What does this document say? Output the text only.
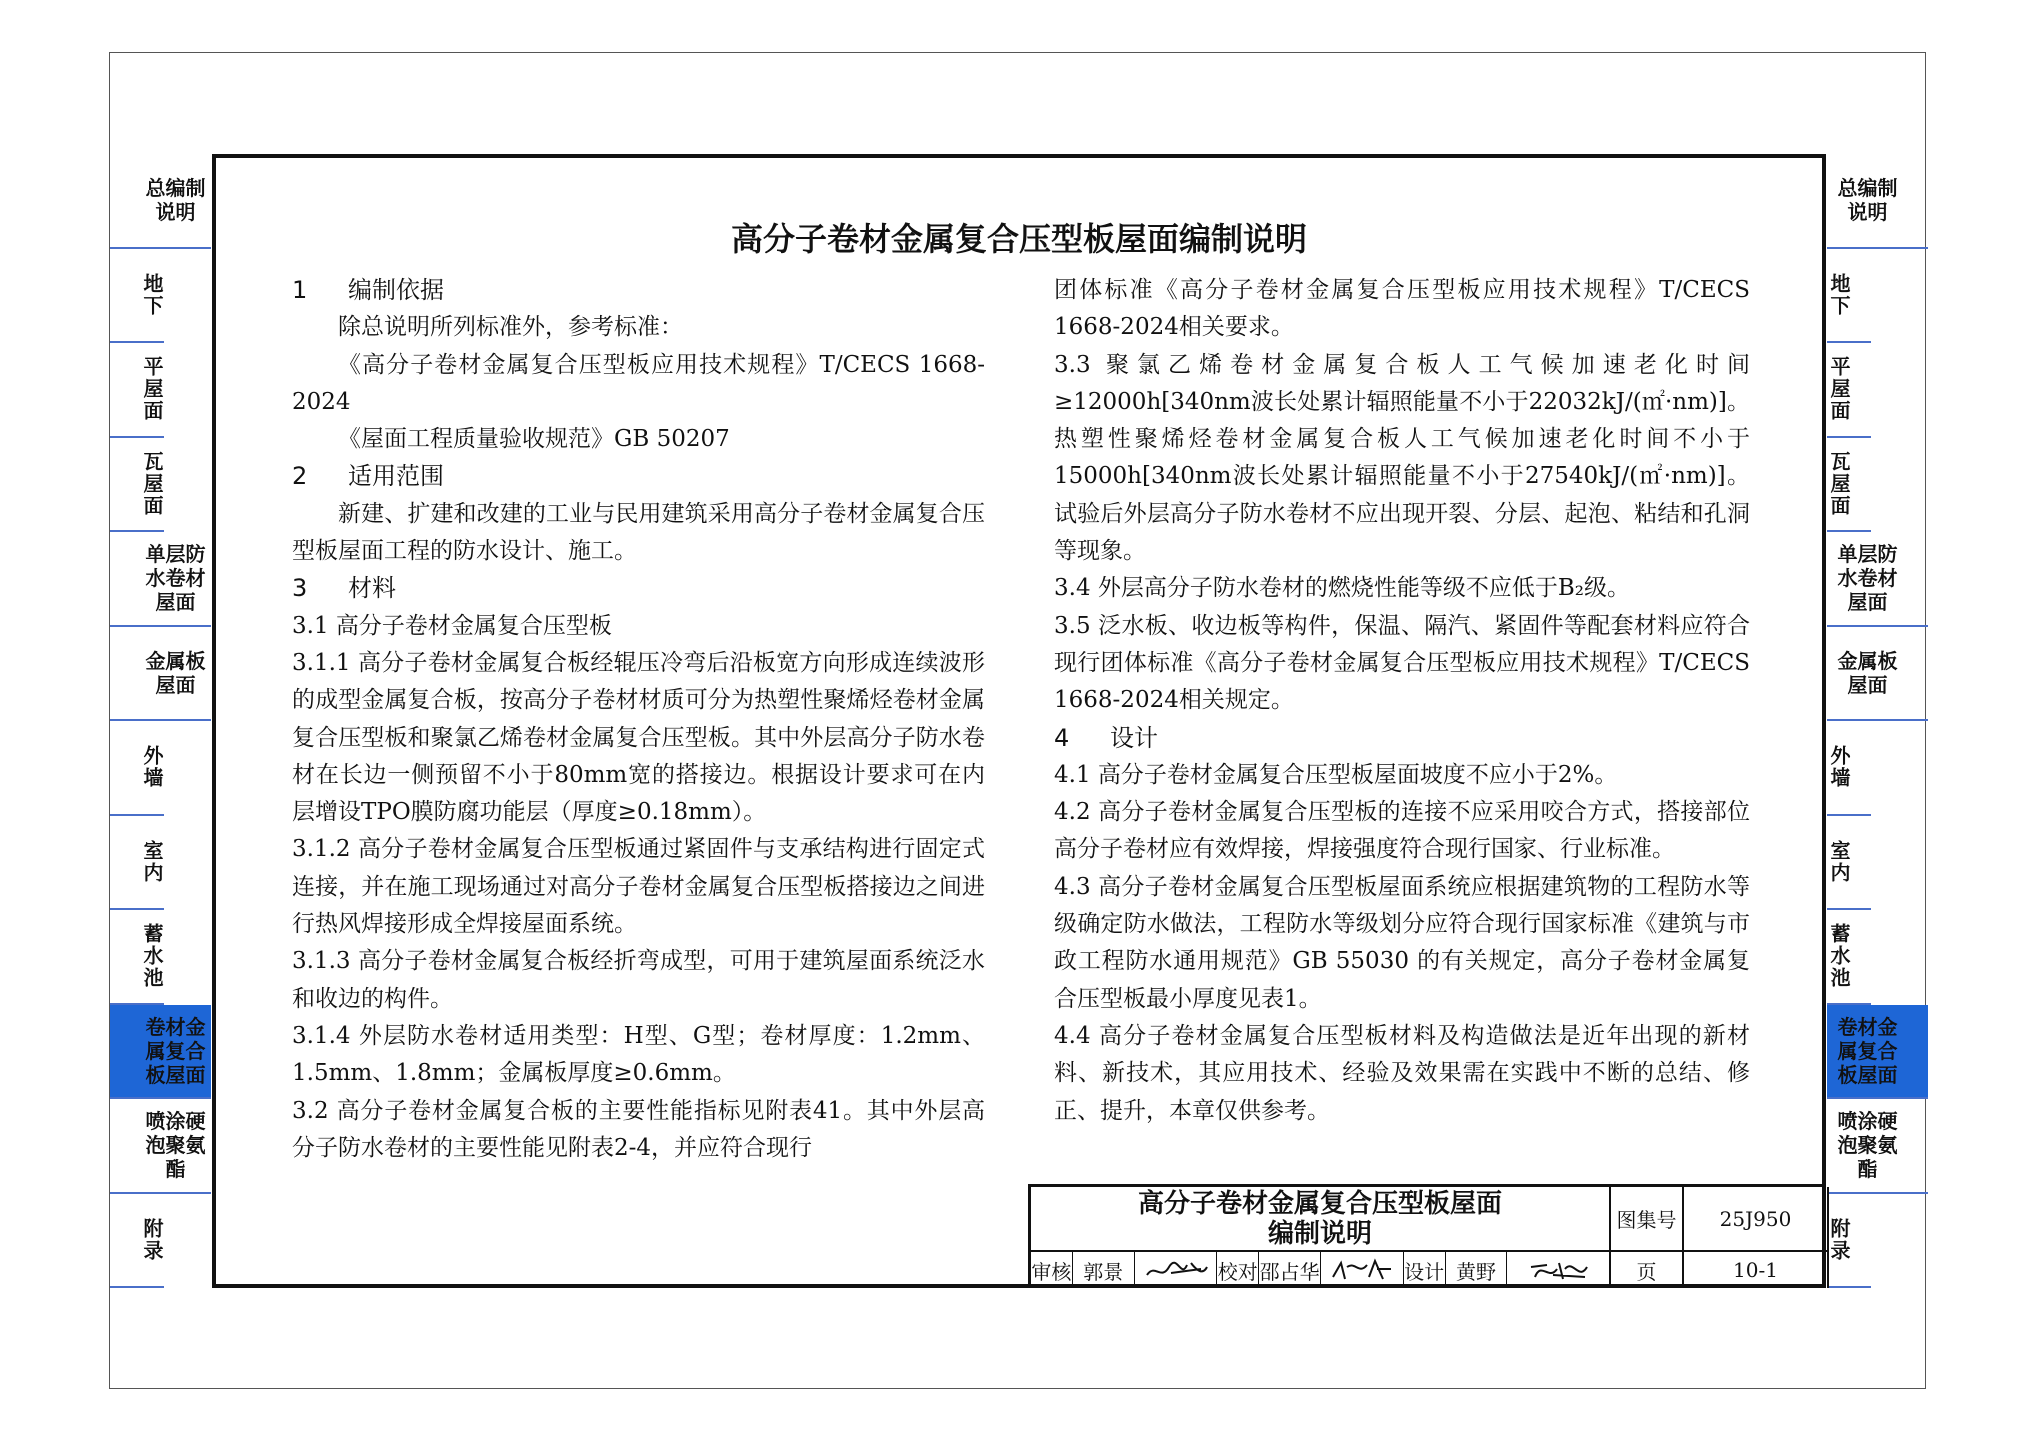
总编制
说明
地下
平屋面
瓦屋面
单层防
水卷材
屋面
金属板
屋面
外墙
室内
蓄水池
卷材金
属复合
板屋面
喷涂硬
泡聚氨
酯
附录
总编制
说明
地下
平屋面
瓦屋面
单层防
水卷材
屋面
金属板
屋面
外墙
室内
蓄水池
卷材金
属复合
板屋面
喷涂硬
泡聚氨
酯
附录
高分子卷材金属复合压型板屋面编制说明

1 编制依据

除总说明所列标准外，参考标准：

《高分子卷材金属复合压型板应用技术规程》T/CECS 1668-2024

《屋面工程质量验收规范》GB 50207

2 适用范围

新建、扩建和改建的工业与民用建筑采用高分子卷材金属复合压型板屋面工程的防水设计、施工。

3 材料

3.1 高分子卷材金属复合压型板

3.1.1 高分子卷材金属复合板经辊压冷弯后沿板宽方向形成连续波形的成型金属复合板，按高分子卷材材质可分为热塑性聚烯烃卷材金属复合压型板和聚氯乙烯卷材金属复合压型板。其中外层高分子防水卷材在长边一侧预留不小于80mm宽的搭接边。根据设计要求可在内层增设TPO膜防腐功能层（厚度≥0.18mm）。

3.1.2 高分子卷材金属复合压型板通过紧固件与支承结构进行固定式连接，并在施工现场通过对高分子卷材金属复合压型板搭接边之间进行热风焊接形成全焊接屋面系统。

3.1.3 高分子卷材金属复合板经折弯成型，可用于建筑屋面系统泛水和收边的构件。

3.1.4 外层防水卷材适用类型：H型、G型；卷材厚度：1.2mm、1.5mm、1.8mm；金属板厚度≥0.6mm。

3.2 高分子卷材金属复合板的主要性能指标见附表41。其中外层高分子防水卷材的主要性能见附表2-4，并应符合现行

团体标准《高分子卷材金属复合压型板应用技术规程》T/CECS 1668-2024相关要求。

3.3 聚氯乙烯卷材金属复合板人工气候加速老化时间≥12000h[340nm波长处累计辐照能量不小于22032kJ/(㎡·nm)]。热塑性聚烯烃卷材金属复合板人工气候加速老化时间不小于15000h[340nm波长处累计辐照能量不小于27540kJ/(㎡·nm)]。试验后外层高分子防水卷材不应出现开裂、分层、起泡、粘结和孔洞等现象。

3.4 外层高分子防水卷材的燃烧性能等级不应低于B₂级。

3.5 泛水板、收边板等构件，保温、隔汽、紧固件等配套材料应符合现行团体标准《高分子卷材金属复合压型板应用技术规程》T/CECS 1668-2024相关规定。

4 设计

4.1 高分子卷材金属复合压型板屋面坡度不应小于2%。

4.2 高分子卷材金属复合压型板的连接不应采用咬合方式，搭接部位高分子卷材应有效焊接，焊接强度符合现行国家、行业标准。

4.3 高分子卷材金属复合压型板屋面系统应根据建筑物的工程防水等级确定防水做法，工程防水等级划分应符合现行国家标准《建筑与市政工程防水通用规范》GB 55030 的有关规定，高分子卷材金属复合压型板最小厚度见表1。

4.4 高分子卷材金属复合压型板材料及构造做法是近年出现的新材料、新技术，其应用技术、经验及效果需在实践中不断的总结、修正、提升，本章仅供参考。

高分子卷材金属复合压型板屋面
编制说明	图集号	25J950
页	10-1
审核 郭景	校对 邵占华	设计 黄野
